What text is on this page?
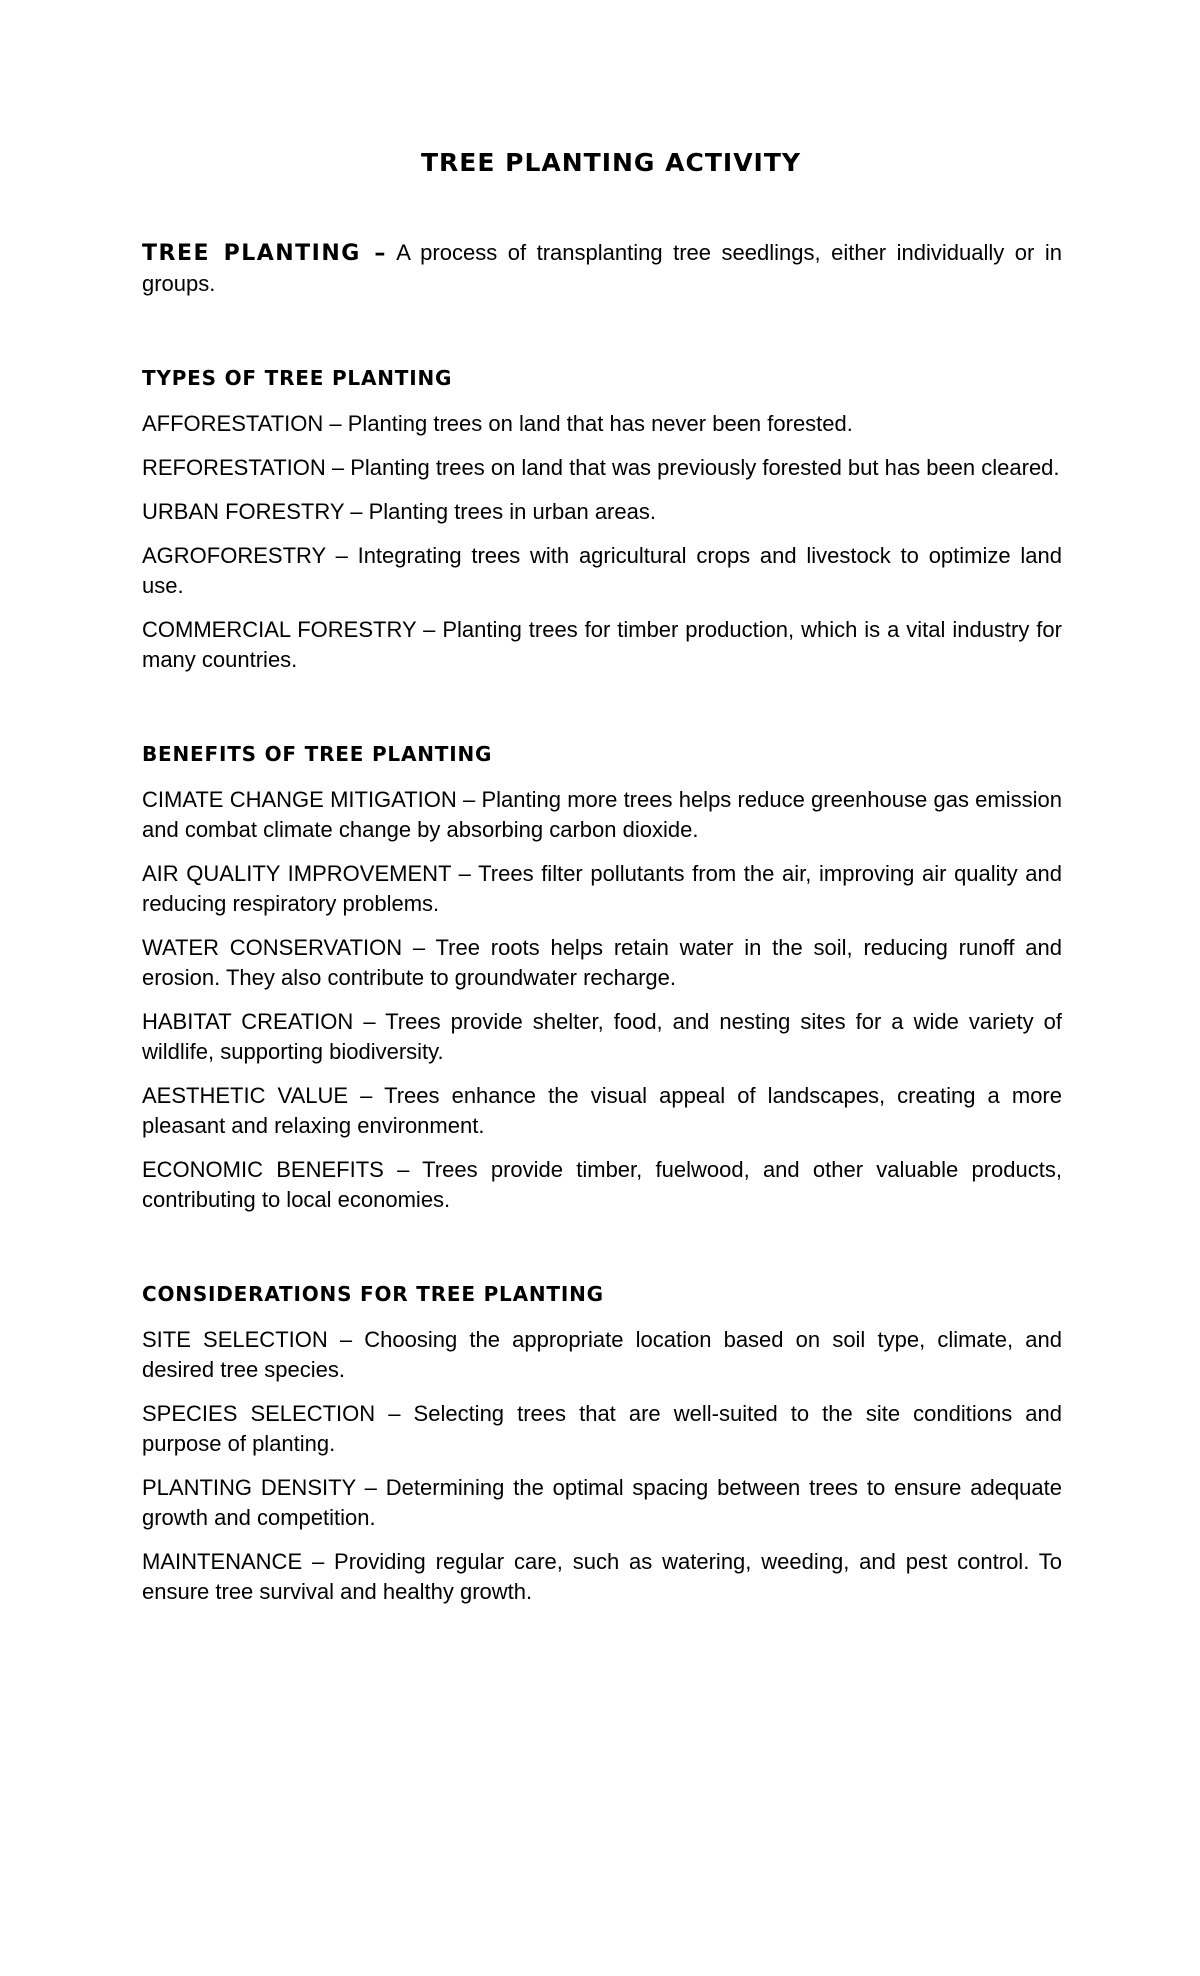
TREE PLANTING ACTIVITY

TREE PLANTING – A process of transplanting tree seedlings, either individually or in groups.

TYPES OF TREE PLANTING

AFFORESTATION – Planting trees on land that has never been forested.

REFORESTATION – Planting trees on land that was previously forested but has been cleared.

URBAN FORESTRY – Planting trees in urban areas.

AGROFORESTRY – Integrating trees with agricultural crops and livestock to optimize land use.

COMMERCIAL FORESTRY – Planting trees for timber production, which is a vital industry for many countries.

BENEFITS OF TREE PLANTING

CIMATE CHANGE MITIGATION – Planting more trees helps reduce greenhouse gas emission and combat climate change by absorbing carbon dioxide.

AIR QUALITY IMPROVEMENT – Trees filter pollutants from the air, improving air quality and reducing respiratory problems.

WATER CONSERVATION – Tree roots helps retain water in the soil, reducing runoff and erosion. They also contribute to groundwater recharge.

HABITAT CREATION – Trees provide shelter, food, and nesting sites for a wide variety of wildlife, supporting biodiversity.

AESTHETIC VALUE – Trees enhance the visual appeal of landscapes, creating a more pleasant and relaxing environment.

ECONOMIC BENEFITS – Trees provide timber, fuelwood, and other valuable products, contributing to local economies.

CONSIDERATIONS FOR TREE PLANTING

SITE SELECTION – Choosing the appropriate location based on soil type, climate, and desired tree species.

SPECIES SELECTION – Selecting trees that are well-suited to the site conditions and purpose of planting.

PLANTING DENSITY – Determining the optimal spacing between trees to ensure adequate growth and competition.

MAINTENANCE – Providing regular care, such as watering, weeding, and pest control. To ensure tree survival and healthy growth.
